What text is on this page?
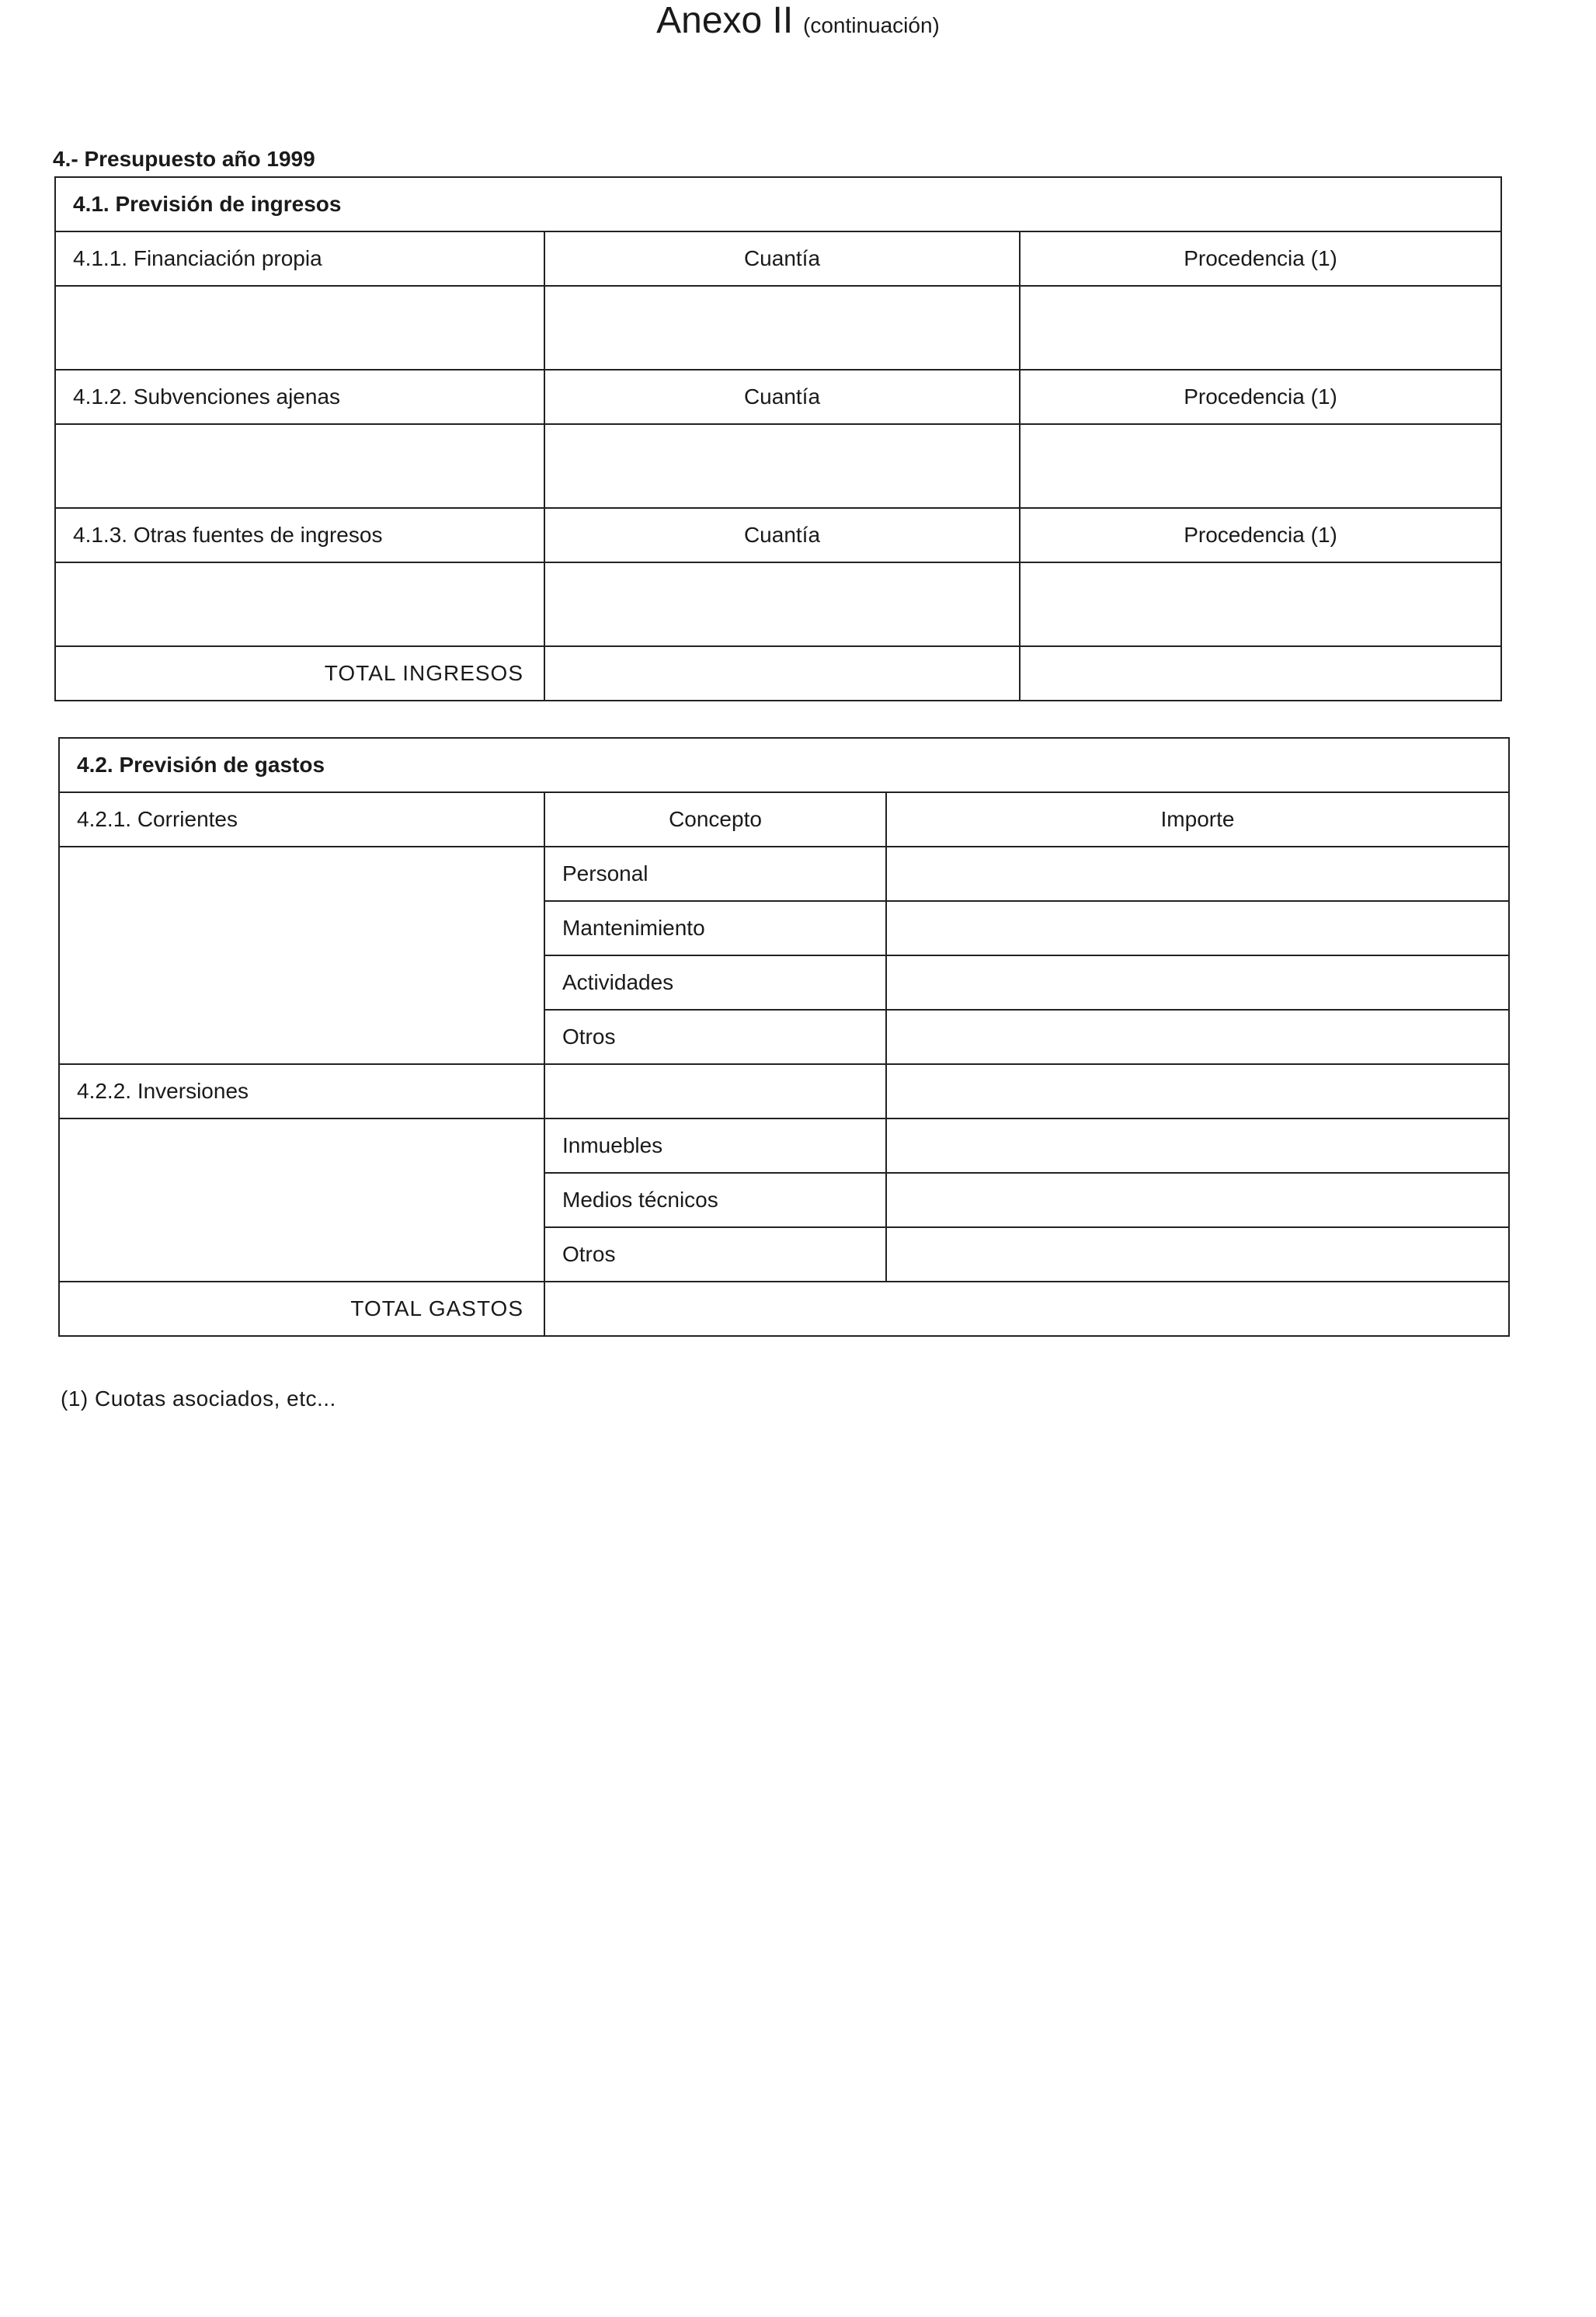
Anexo II (continuación)
4.- Presupuesto año 1999
4.1. Previsión de ingresos		
4.1.1. Financiación propia	Cuantía	Procedencia (1)

4.1.2. Subvenciones ajenas	Cuantía	Procedencia (1)

4.1.3. Otras fuentes de ingresos	Cuantía	Procedencia (1)

TOTAL INGRESOS		
4.2. Previsión de gastos		
4.2.1. Corrientes	Concepto	Importe
	Personal	
	Mantenimiento	
	Actividades	
	Otros	
4.2.2. Inversiones		
	Inmuebles	
	Medios técnicos	
	Otros	
TOTAL GASTOS		
(1) Cuotas asociados, etc...
